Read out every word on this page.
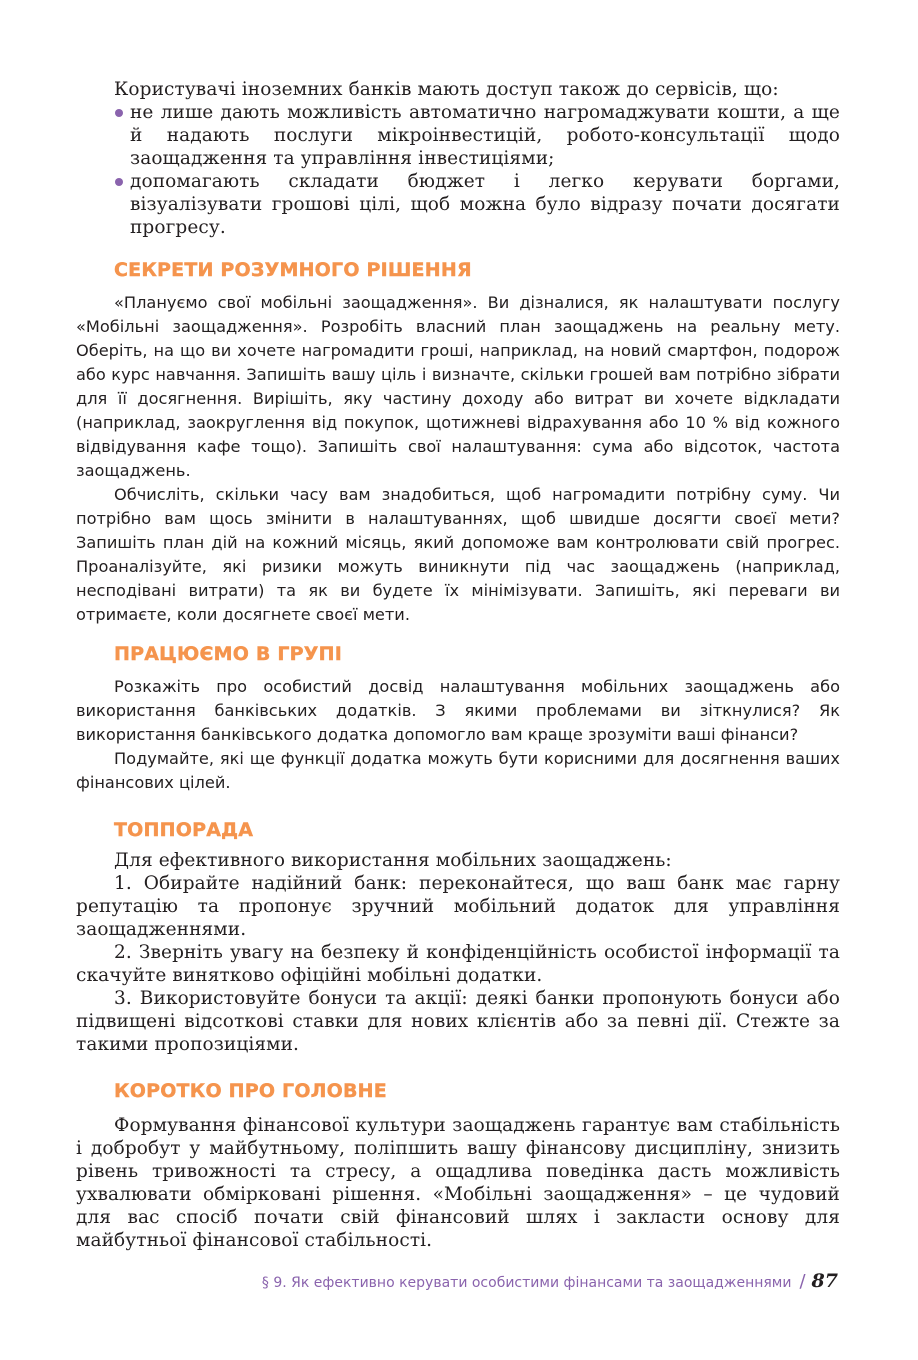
Користувачі іноземних банків мають доступ також до сервісів, що:

не лише дають можливість автоматично нагромаджувати кошти, а ще й надають послуги мікроінвестицій, робото-консультації щодо заощадження та управління інвестиціями;
допомагають складати бюджет і легко керувати боргами, візуалізувати грошові цілі, щоб можна було відразу почати досягати прогресу.
СЕКРЕТИ РОЗУМНОГО РІШЕННЯ

«Плануємо свої мобільні заощадження». Ви дізналися, як налаштувати послугу «Мобільні заощадження». Розробіть власний план заощаджень на реальну мету. Оберіть, на що ви хочете нагромадити гроші, наприклад, на новий смартфон, подорож або курс навчання. Запишіть вашу ціль і визначте, скільки грошей вам потрібно зібрати для її досягнення. Вирішіть, яку частину доходу або витрат ви хочете відкладати (наприклад, заокруглення від покупок, щотижневі відрахування або 10 % від кожного відвідування кафе тощо). Запишіть свої налаштування: сума або відсоток, частота заощаджень.

Обчисліть, скільки часу вам знадобиться, щоб нагромадити потрібну суму. Чи потрібно вам щось змінити в налаштуваннях, щоб швидше досягти своєї мети? Запишіть план дій на кожний місяць, який допоможе вам контролювати свій прогрес. Проаналізуйте, які ризики можуть виникнути під час заощаджень (наприклад, несподівані витрати) та як ви будете їх мінімізувати. Запишіть, які переваги ви отримаєте, коли досягнете своєї мети.

ПРАЦЮЄМО В ГРУПІ

Розкажіть про особистий досвід налаштування мобільних заощаджень або використання банківських додатків. З якими проблемами ви зіткнулися? Як використання банківського додатка допомогло вам краще зрозуміти ваші фінанси?

Подумайте, які ще функції додатка можуть бути корисними для досягнення ваших фінансових цілей.

ТОППОРАДА

Для ефективного використання мобільних заощаджень:

1. Обирайте надійний банк: переконайтеся, що ваш банк має гарну репутацію та пропонує зручний мобільний додаток для управління заощадженнями.

2. Зверніть увагу на безпеку й конфіденційність особистої інформації та скачуйте винятково офіційні мобільні додатки.

3. Використовуйте бонуси та акції: деякі банки пропонують бонуси або підвищені відсоткові ставки для нових клієнтів або за певні дії. Стежте за такими пропозиціями.

КОРОТКО ПРО ГОЛОВНЕ

Формування фінансової культури заощаджень гарантує вам стабільність і добробут у майбутньому, поліпшить вашу фінансову дисципліну, знизить рівень тривожності та стресу, а ощадлива поведінка дасть можливість ухвалювати обмірковані рішення. «Мобільні заощадження» – це чудовий для вас спосіб почати свій фінансовий шлях і закласти основу для майбутньої фінансової стабільності.

§ 9. Як ефективно керувати особистими фінансами та заощадженнями / 87
